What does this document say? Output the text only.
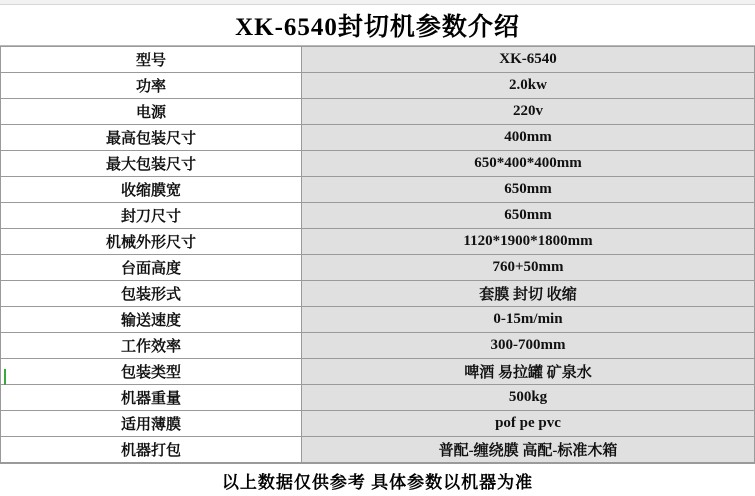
XK-6540封切机参数介绍
型号	XK-6540
功率	2.0kw
电源	220v
最高包装尺寸	400mm
最大包装尺寸	650*400*400mm
收缩膜宽	650mm
封刀尺寸	650mm
机械外形尺寸	1120*1900*1800mm
台面高度	760+50mm
包装形式	套膜 封切 收缩
输送速度	0-15m/min
工作效率	300-700mm
包装类型	啤酒 易拉罐 矿泉水
机器重量	500kg
适用薄膜	pof pe pvc
机器打包	普配-缠绕膜 高配-标准木箱
以上数据仅供参考 具体参数以机器为准
